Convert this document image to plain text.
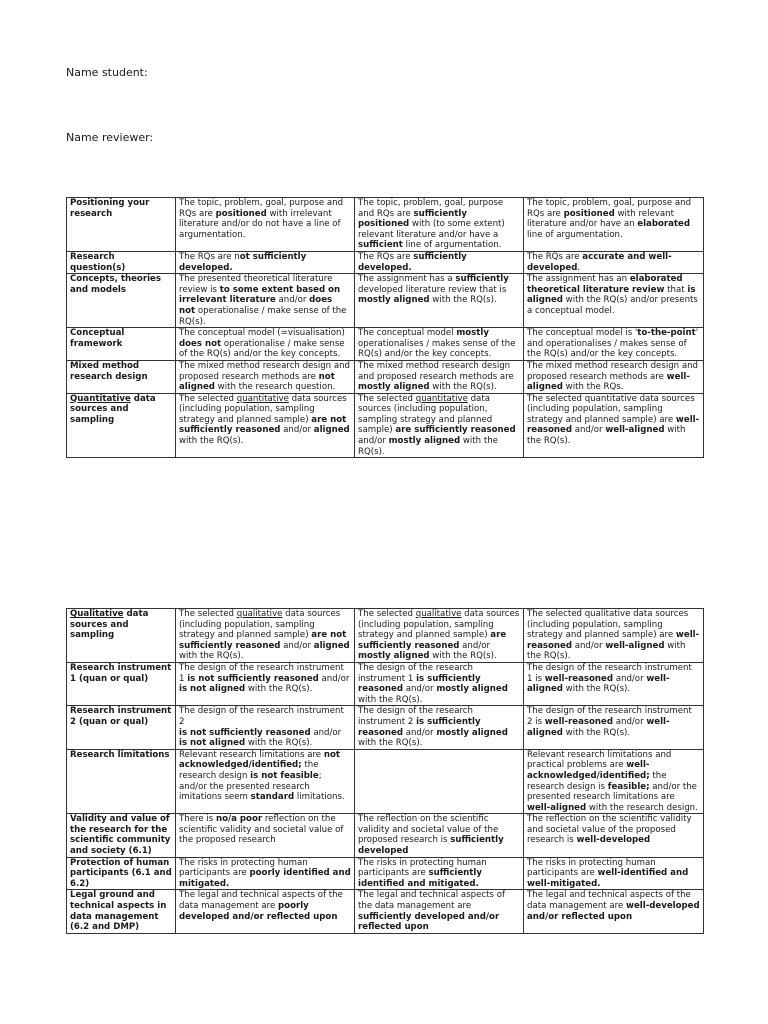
Name student:

Name reviewer:

Positioning your research	The topic, problem, goal, purpose and RQs are positioned with irrelevant literature and/or do not have a line of argumentation.	The topic, problem, goal, purpose and RQs are sufficiently positioned with (to some extent) relevant literature and/or have a sufficient line of argumentation.	The topic, problem, goal, purpose and RQs are positioned with relevant literature and/or have an elaborated line of argumentation.
Research question(s)	The RQs are not sufficiently developed.	The RQs are sufficiently developed.	The RQs are accurate and well-developed.
Concepts, theories and models	The presented theoretical literature review is to some extent based on irrelevant literature and/or does not operationalise / make sense of the RQ(s).	The assignment has a sufficiently developed literature review that is mostly aligned with the RQ(s).	The assignment has an elaborated theoretical literature review that is aligned with the RQ(s) and/or presents a conceptual model.
Conceptual framework	The conceptual model (=visualisation) does not operationalise / make sense of the RQ(s) and/or the key concepts.	The conceptual model mostly operationalises / makes sense of the RQ(s) and/or the key concepts.	The conceptual model is 'to-the-point' and operationalises / makes sense of the RQ(s) and/or the key concepts.
Mixed method research design	The mixed method research design and proposed research methods are not aligned with the research question.	The mixed method research design and proposed research methods are mostly aligned with the RQ(s).	The mixed method research design and proposed research methods are well-aligned with the RQs.
Quantitative data sources and sampling	The selected quantitative data sources (including population, sampling strategy and planned sample) are not sufficiently reasoned and/or aligned with the RQ(s).	The selected quantitative data sources (including population, sampling strategy and planned sample) are sufficiently reasoned and/or mostly aligned with the RQ(s).	The selected quantitative data sources (including population, sampling strategy and planned sample) are well-reasoned and/or well-aligned with the RQ(s).
Qualitative data sources and sampling	The selected qualitative data sources (including population, sampling strategy and planned sample) are not sufficiently reasoned and/or aligned with the RQ(s).	The selected qualitative data sources (including population, sampling strategy and planned sample) are sufficiently reasoned and/or mostly aligned with the RQ(s).	The selected qualitative data sources (including population, sampling strategy and planned sample) are well-reasoned and/or well-aligned with the RQ(s).
Research instrument 1 (quan or qual)	The design of the research instrument 1 is not sufficiently reasoned and/or is not aligned with the RQ(s).	The design of the research instrument 1 is sufficiently reasoned and/or mostly aligned with the RQ(s).	The design of the research instrument 1 is well-reasoned and/or well-aligned with the RQ(s).
Research instrument 2 (quan or qual)	The design of the research instrument 2
is not sufficiently reasoned and/or is not aligned with the RQ(s).	The design of the research instrument 2 is sufficiently reasoned and/or mostly aligned with the RQ(s).	The design of the research instrument 2 is well-reasoned and/or well-aligned with the RQ(s).
Research limitations	Relevant research limitations are not acknowledged/identified; the research design is not feasible; and/or the presented research imitations seem standard limitations.		Relevant research limitations and practical problems are well-acknowledged/identified; the research design is feasible; and/or the presented research limitations are well-aligned with the research design.
Validity and value of the research for the scientific community and society (6.1)	There is no/a poor reflection on the scientific validity and societal value of the proposed research	The reflection on the scientific validity and societal value of the proposed research is sufficiently developed	The reflection on the scientific validity and societal value of the proposed research is well-developed
Protection of human participants (6.1 and 6.2)	The risks in protecting human participants are poorly identified and mitigated.	The risks in protecting human participants are sufficiently identified and mitigated.	The risks in protecting human participants are well-identified and well-mitigated.
Legal ground and technical aspects in data management (6.2 and DMP)	The legal and technical aspects of the data management are poorly developed and/or reflected upon	The legal and technical aspects of the data management are sufficiently developed and/or reflected upon	The legal and technical aspects of the data management are well-developed and/or reflected upon
